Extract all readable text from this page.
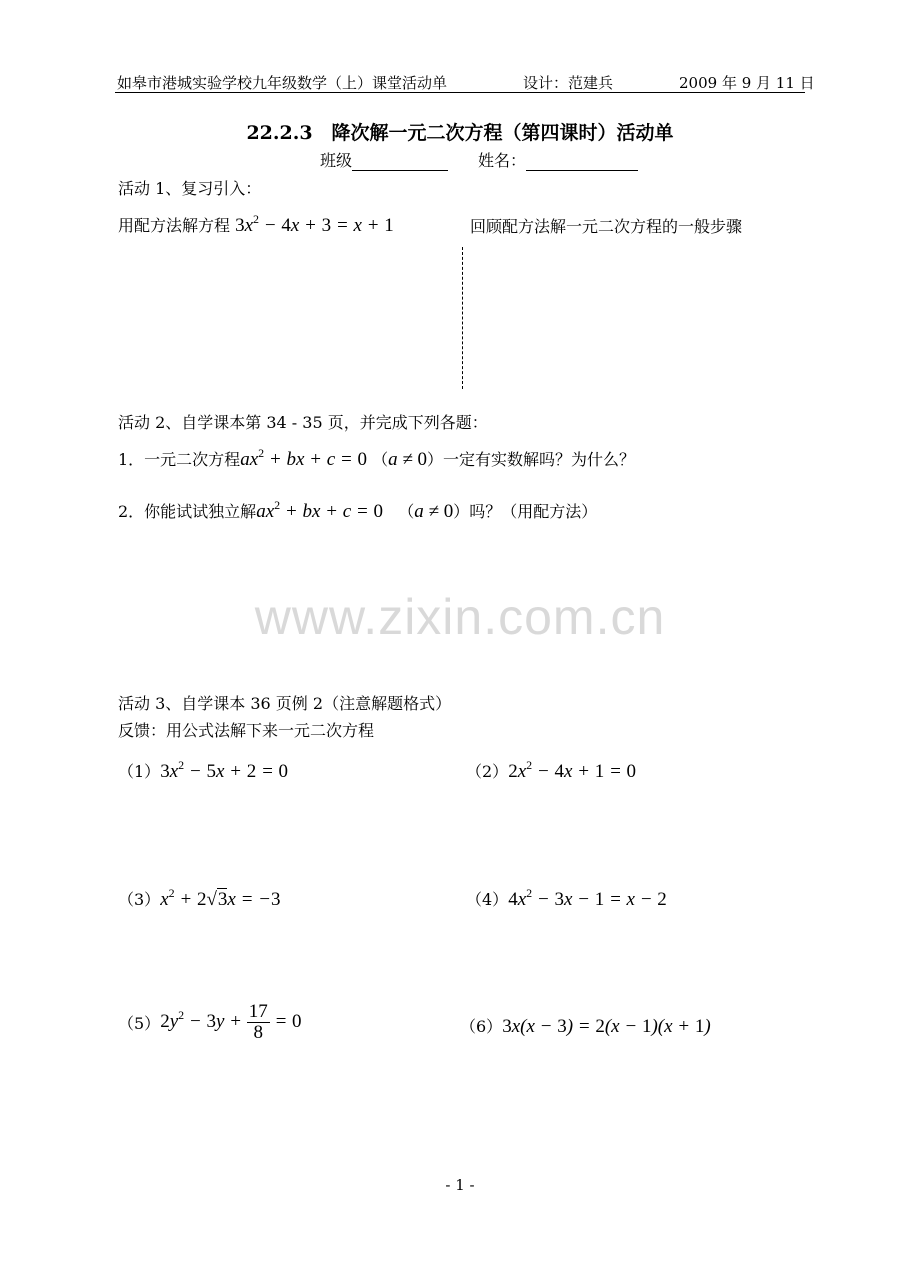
如皋市港城实验学校九年级数学（上）课堂活动单	设计：范建兵	2009 年 9 月 11 日
22.2.3　降次解一元二次方程（第四课时）活动单
班级	姓名：
活动 1、复习引入：
用配方法解方程 $3x^2 - 4x + 3 = x + 1$	回顾配方法解一元二次方程的一般步骤
活动 2、自学课本第 34 - 35 页，并完成下列各题：
1．一元二次方程$ax^2$ + bx + c = 0 （a ≠ 0）一定有实数解吗？为什么？
2．你能试试独立解$ax^2$ + bx + c = 0 （a ≠ 0）吗？（用配方法）
www.zixin.com.cn
活动 3、自学课本 36 页例 2（注意解题格式）
反馈：用公式法解下来一元二次方程
$(1)3x^2 - 5x + 2 = 0$	$(2)2x^2 - 4x + 1 = 0$
$(3)x^2 + 2√3x = -3$	$(4)4x^2 - 3x - 1 = x - 2$
$(5)2y^2 - 3y + \frac{17}{8} = 0$	（6）3x(x − 3) = 2(x − 1)(x + 1)
- 1 -
